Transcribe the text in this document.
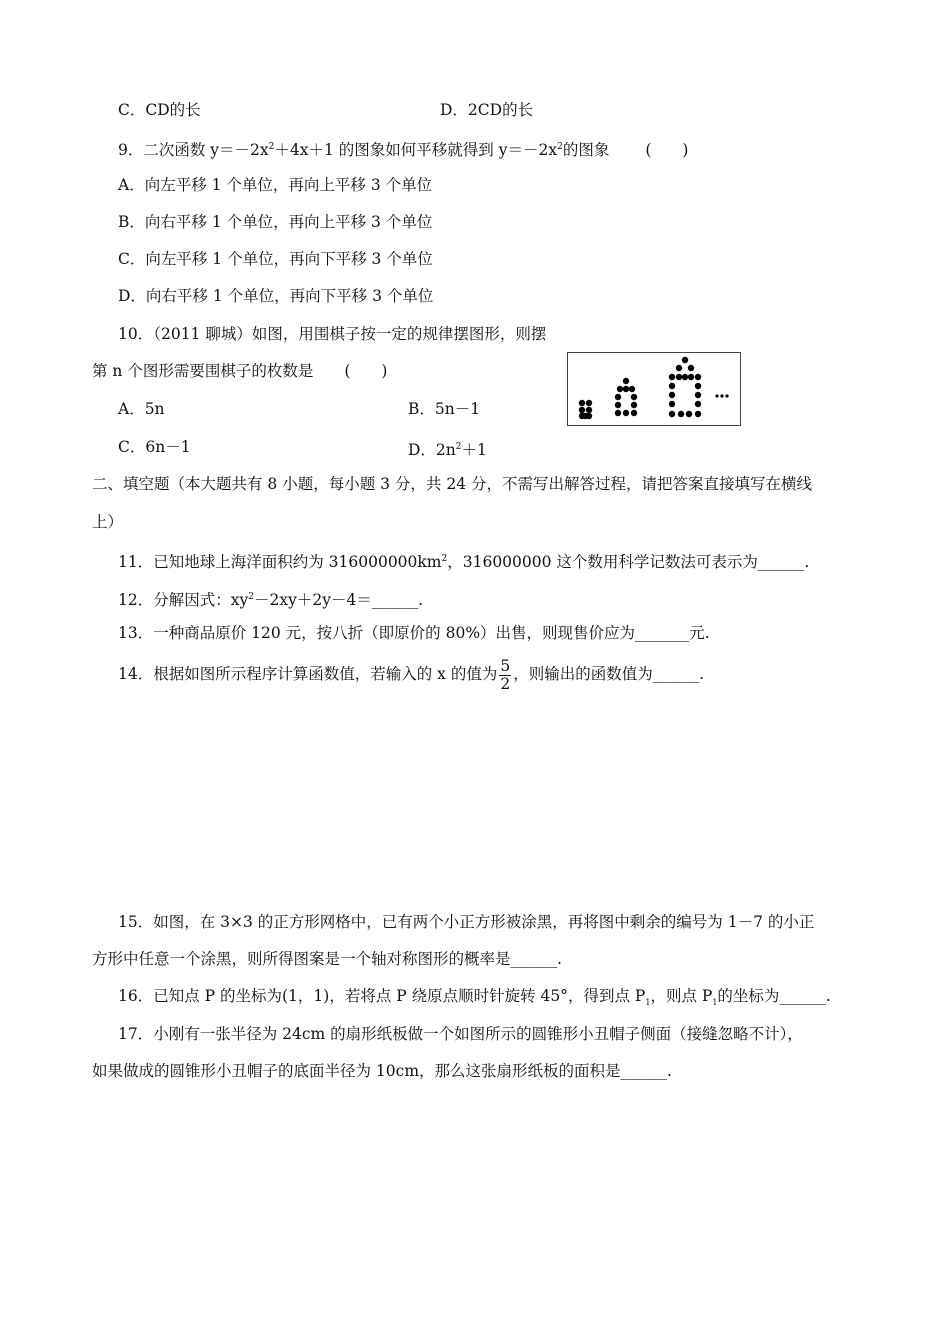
C．CD的长	D．2CD的长
9．二次函数 $y=-2x^2+4x+1$ 的图象如何平移就得到 $y=-2x^2$的图象 (　　)
A．向左平移 1 个单位，再向上平移 3 个单位
B．向右平移 1 个单位，再向上平移 3 个单位
C．向左平移 1 个单位，再向下平移 3 个单位
D．向右平移 1 个单位，再向下平移 3 个单位
10．（2011 聊城）如图，用围棋子按一定的规律摆图形，则摆
第 n 个图形需要围棋子的枚数是　　(　　)
A．5n	B．5n－1
C．6n－1	D．$2n^2+1$
二、填空题（本大题共有 8 小题，每小题 3 分，共 24 分，不需写出解答过程，请把答案直接填写在横线
上）
11．已知地球上海洋面积约为 $316000000km^2$，316000000 这个数用科学记数法可表示为______.
12．分解因式：$xy^2-2xy+2y-4=\_\_\_\_\_\_$.
13．一种商品原价 120 元，按八折（即原价的 80%）出售，则现售价应为_______元.
14．根据如图所示程序计算函数值，若输入的 x 的值为 $\frac{5}{2}$ ，则输出的函数值为______.
15．如图，在 3×3 的正方形网格中，已有两个小正方形被涂黑，再将图中剩余的编号为 1－7 的小正
方形中任意一个涂黑，则所得图案是一个轴对称图形的概率是______.
16．已知点 P 的坐标为(1，1)，若将点 P 绕原点顺时针旋转 45°，得到点 $P_1$，则点 $P_1$的坐标为______.
17．小刚有一张半径为 24cm 的扇形纸板做一个如图所示的圆锥形小丑帽子侧面（接缝忽略不计），
如果做成的圆锥形小丑帽子的底面半径为 10cm，那么这张扇形纸板的面积是______.
